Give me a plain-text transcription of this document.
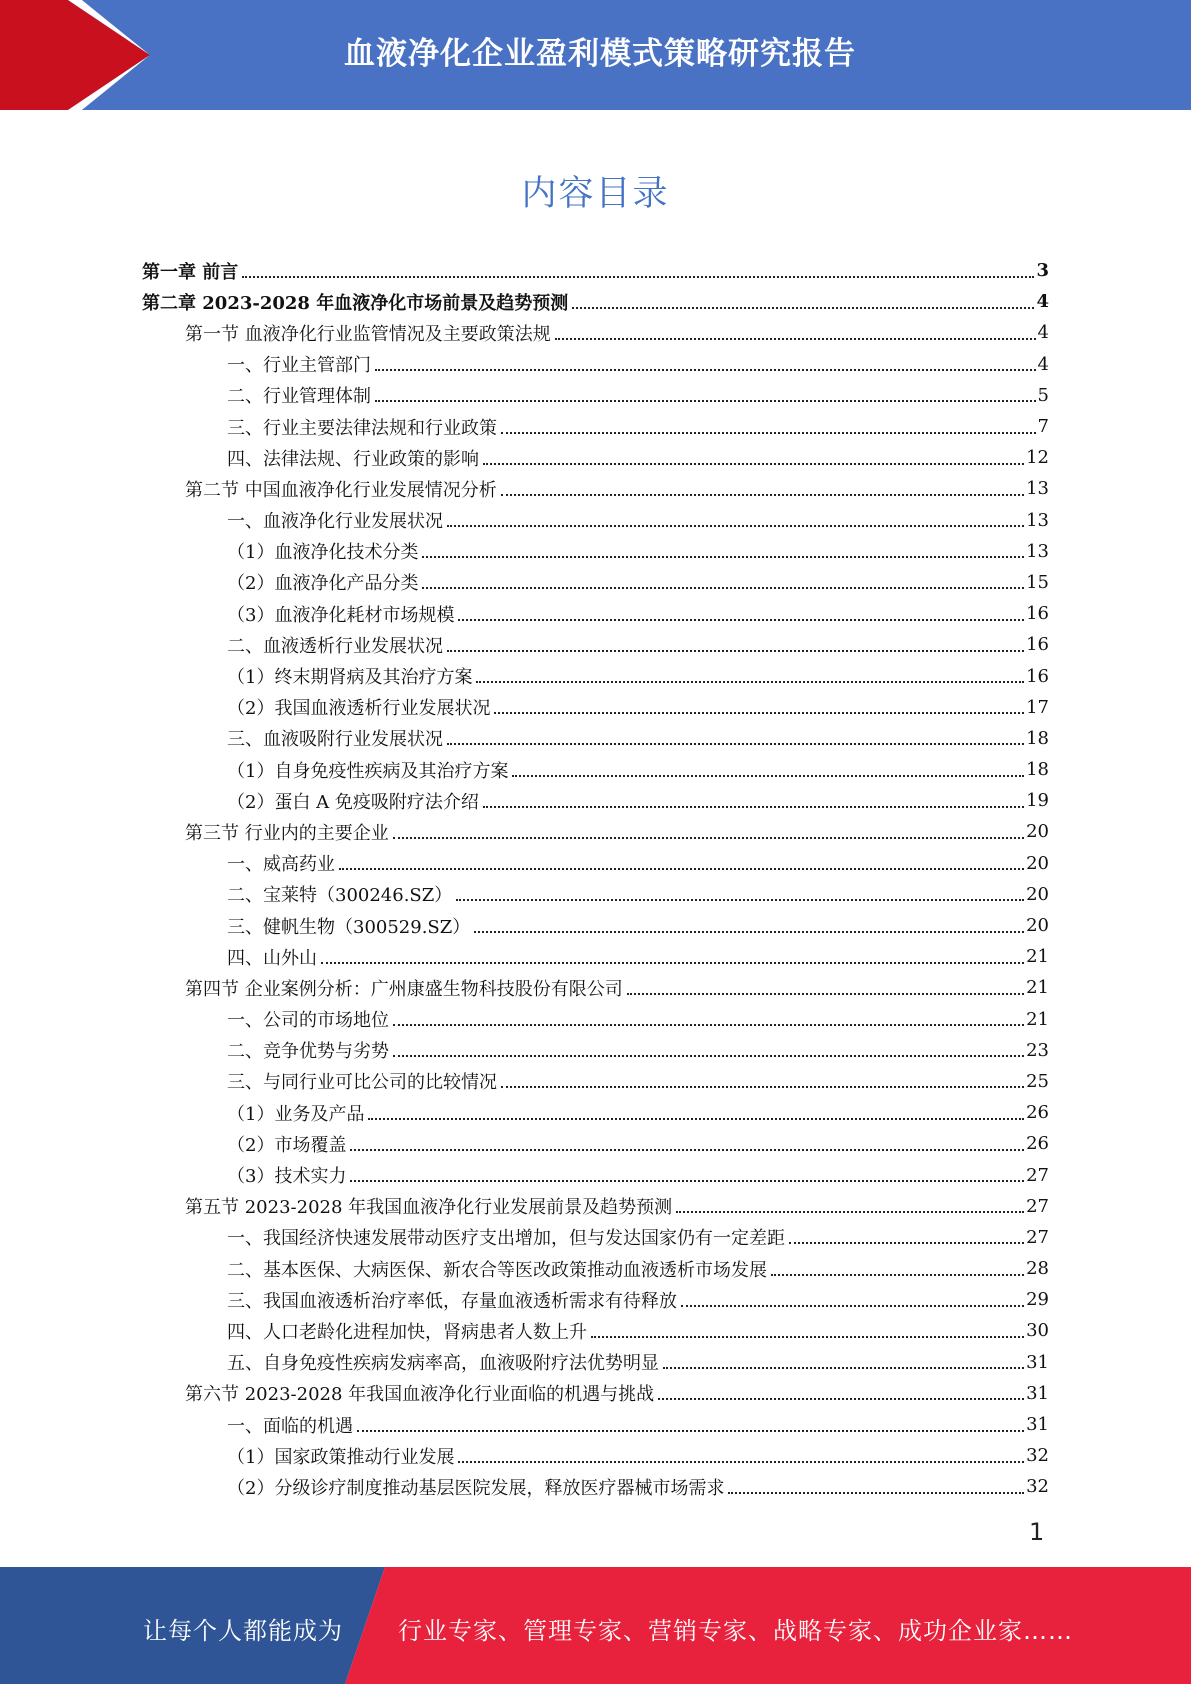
血液净化企业盈利模式策略研究报告
内容目录
第一章 前言	3
第二章 2023-2028 年血液净化市场前景及趋势预测	4
第一节 血液净化行业监管情况及主要政策法规	4
一、行业主管部门	4
二、行业管理体制	5
三、行业主要法律法规和行业政策	7
四、法律法规、行业政策的影响	12
第二节 中国血液净化行业发展情况分析	13
一、血液净化行业发展状况	13
（1）血液净化技术分类	13
（2）血液净化产品分类	15
（3）血液净化耗材市场规模	16
二、血液透析行业发展状况	16
（1）终末期肾病及其治疗方案	16
（2）我国血液透析行业发展状况	17
三、血液吸附行业发展状况	18
（1）自身免疫性疾病及其治疗方案	18
（2）蛋白 A 免疫吸附疗法介绍	19
第三节 行业内的主要企业	20
一、威高药业	20
二、宝莱特（300246.SZ）	20
三、健帆生物（300529.SZ）	20
四、山外山	21
第四节 企业案例分析：广州康盛生物科技股份有限公司	21
一、公司的市场地位	21
二、竞争优势与劣势	23
三、与同行业可比公司的比较情况	25
（1）业务及产品	26
（2）市场覆盖	26
（3）技术实力	27
第五节 2023-2028 年我国血液净化行业发展前景及趋势预测	27
一、我国经济快速发展带动医疗支出增加，但与发达国家仍有一定差距	27
二、基本医保、大病医保、新农合等医改政策推动血液透析市场发展	28
三、我国血液透析治疗率低，存量血液透析需求有待释放	29
四、人口老龄化进程加快，肾病患者人数上升	30
五、自身免疫性疾病发病率高，血液吸附疗法优势明显	31
第六节 2023-2028 年我国血液净化行业面临的机遇与挑战	31
一、面临的机遇	31
（1）国家政策推动行业发展	32
（2）分级诊疗制度推动基层医院发展，释放医疗器械市场需求	32
1
让每个人都能成为 行业专家、管理专家、营销专家、战略专家、成功企业家……
